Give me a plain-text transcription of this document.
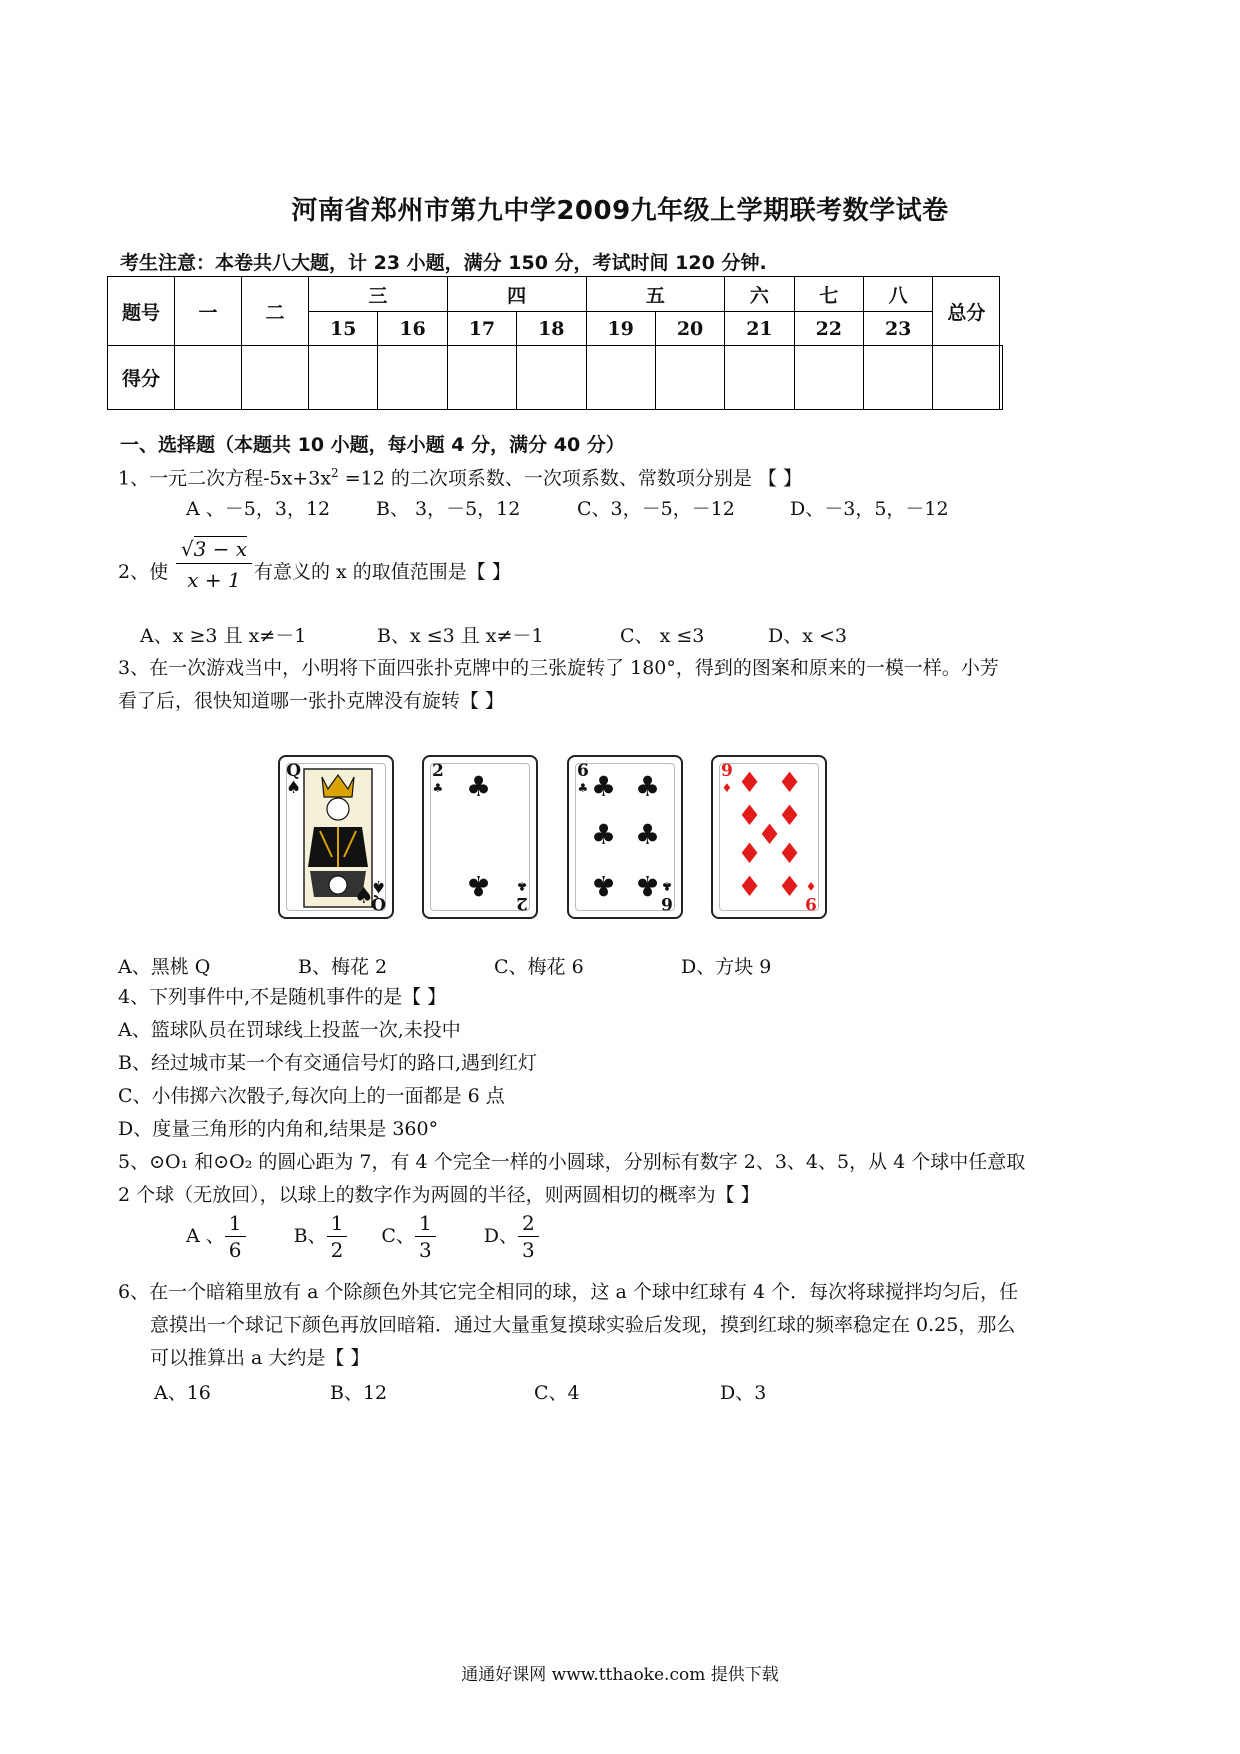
河南省郑州市第九中学2009九年级上学期联考数学试卷
考生注意：本卷共八大题，计 23 小题，满分 150 分，考试时间 120 分钟.
题号	一	二	三		四		五		六	七	八	总分	
			15	16	17	18	19	20	21	22	23		
得分													
一、选择题（本题共 10 小题，每小题 4 分，满分 40 分）
1、一元二次方程$-5x+3x^2 =12$ 的二次项系数、一次项系数、常数项分别是 【 】
A 、－5，3，12 B、 3，－5，12	C、3，－5，－12	D、－3，5，－12
2、使 $\frac{√3 - x}{x + 1}$ 有意义的 x 的取值范围是【 】
A、x ≥3 且 x≠－1	B、x ≤3 且 x≠－1	C、 x ≤3	D、x <3
3、在一次游戏当中，小明将下面四张扑克牌中的三张旋转了 180°，得到的图案和原来的一模一样。小芳
看了后，很快知道哪一张扑克牌没有旋转【 】
Q
♠
♠
Q
♠
2
♣ ♣
♣
2
♣
6
♣ ♣ ♣
♣ ♣
♣ ♣
6
♣
9
♦ ♦ ♦
♦ ♦
♦
♦ ♦
♦ ♦ 9
♦
A、黑桃 Q	B、梅花 2	C、梅花 6	D、方块 9
4、下列事件中,不是随机事件的是【 】
A、篮球队员在罚球线上投蓝一次,未投中
B、经过城市某一个有交通信号灯的路口,遇到红灯
C、小伟掷六次骰子,每次向上的一面都是 6 点
D、度量三角形的内角和,结果是 360°
5、⊙O₁ 和⊙O₂ 的圆心距为 7，有 4 个完全一样的小圆球，分别标有数字 2、3、4、5，从 4 个球中任意取
2 个球（无放回），以球上的数字作为两圆的半径，则两圆相切的概率为【 】
A 、 $\frac{1}{6}$	B、 $\frac{1}{2}$ C、 $\frac{1}{3}$	D、 $\frac{2}{3}$
6、在一个暗箱里放有 a 个除颜色外其它完全相同的球，这 a 个球中红球有 4 个．每次将球搅拌均匀后，任
意摸出一个球记下颜色再放回暗箱．通过大量重复摸球实验后发现，摸到红球的频率稳定在 0.25，那么
可以推算出 a 大约是【 】
A、16	B、12	C、4	D、3
通通好课网 www.tthaoke.com 提供下载
